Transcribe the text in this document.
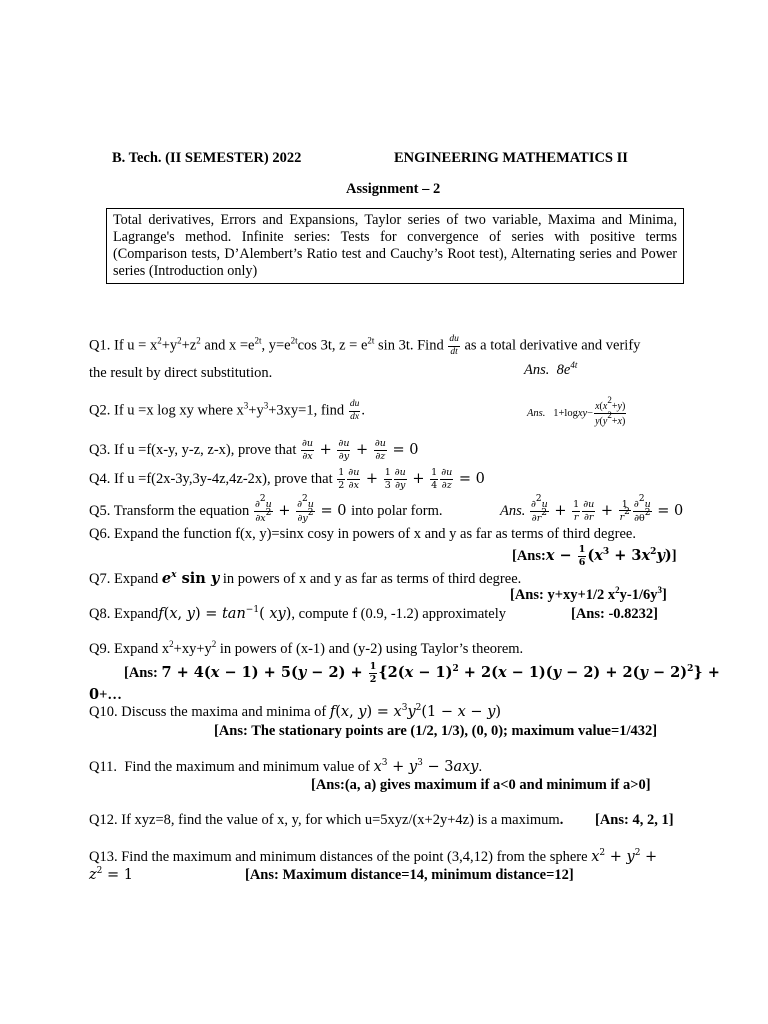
B. Tech. (II SEMESTER) 2022	ENGINEERING MATHEMATICS II
Assignment – 2
Total derivatives, Errors and Expansions, Taylor series of two variable, Maxima and Minima, Lagrange's method. Infinite series: Tests for convergence of series with positive terms (Comparison tests, D’Alembert’s Ratio test and Cauchy’s Root test), Alternating series and Power series (Introduction only)
Q1. If $u = x^2+y^2+z^2$ and $x =e^{2t}$, $y=e^{2t}\cos$ 3t, $z = e^{2t}$ sin 3t. Find $\frac{du}{dt}$ as a total derivative and verify
the result by direct substitution.	Ans.  $8e^{4t}$
Q2. If u =x log xy where $x^3+y^3+3xy=1$, find $\frac{du}{dx}$ .	Ans.   1+logxy− $\frac{x(x^2+y)}{y(y^2+x)}$
Q3. If u =f(x-y, y-z, z-x), prove that $\frac{\partial u}{\partial x} + \frac{\partial u}{\partial y} + \frac{\partial u}{\partial z} = 0$
Q4. If u =f(2x-3y,3y-4z,4z-2x), prove that $\frac{1}{2} \frac{\partial u}{\partial x} + \frac{1}{3} \frac{\partial u}{\partial y} + \frac{1}{4} \frac{\partial u}{\partial z} = 0$
Q5. Transform the equation $\frac{\partial^2u}{\partial x^2} + \frac{\partial^2u}{\partial y^2} = 0$ into polar form.	Ans. $\frac{\partial^2u}{\partial r^2} + \frac{1}{r} \frac{\partial u}{\partial r} + \frac{1}{r^2} \frac{\partial^2u}{\partial\theta^2} = 0$
Q6. Expand the function f(x, y)=sinx cosy in powers of x and y as far as terms of third degree.
[Ans:x − $\frac{1}{6} (x^3 + 3x^2y)$]
Q7. Expand $e^x$ sin y in powers of x and y as far as terms of third degree.
[Ans: y+xy+1/2 $x^2y-1/6y^3$]
Q8. Expandf(x, $y) = \tan^{-1}$( xy), compute f (0.9, -1.2) approximately	[Ans: -0.8232]
Q9. Expand $x^2+xy+y^2$ in powers of (x-1) and (y-2) using Taylor’s theorem.
[Ans: $7 + 4(x - 1) + 5(y - 2) + \frac{1}{2} \{2(x - 1)^2 + 2(x - 1)(y - 2) + 2(y - 2)^2\}$ +
0+…
Q10. Discuss the maxima and minima of f(x, $y) = x^3y^2(1 - x - y)$
[Ans: The stationary points are (1/2, 1/3), (0, 0); maximum value=1/432]
Q11.  Find the maximum and minimum value of $x^3 + y^3 - 3axy$.
[Ans:(a, a) gives maximum if a<0 and minimum if a>0]
Q12. If xyz=8, find the value of x, y, for which u=5xyz/(x+2y+4z) is a maximum. [Ans: 4, 2, 1]
Q13. Find the maximum and minimum distances of the point (3,4,12) from the sphere $x^2 + y^2$ +
$z^2 = 1$	[Ans: Maximum distance=14, minimum distance=12]
